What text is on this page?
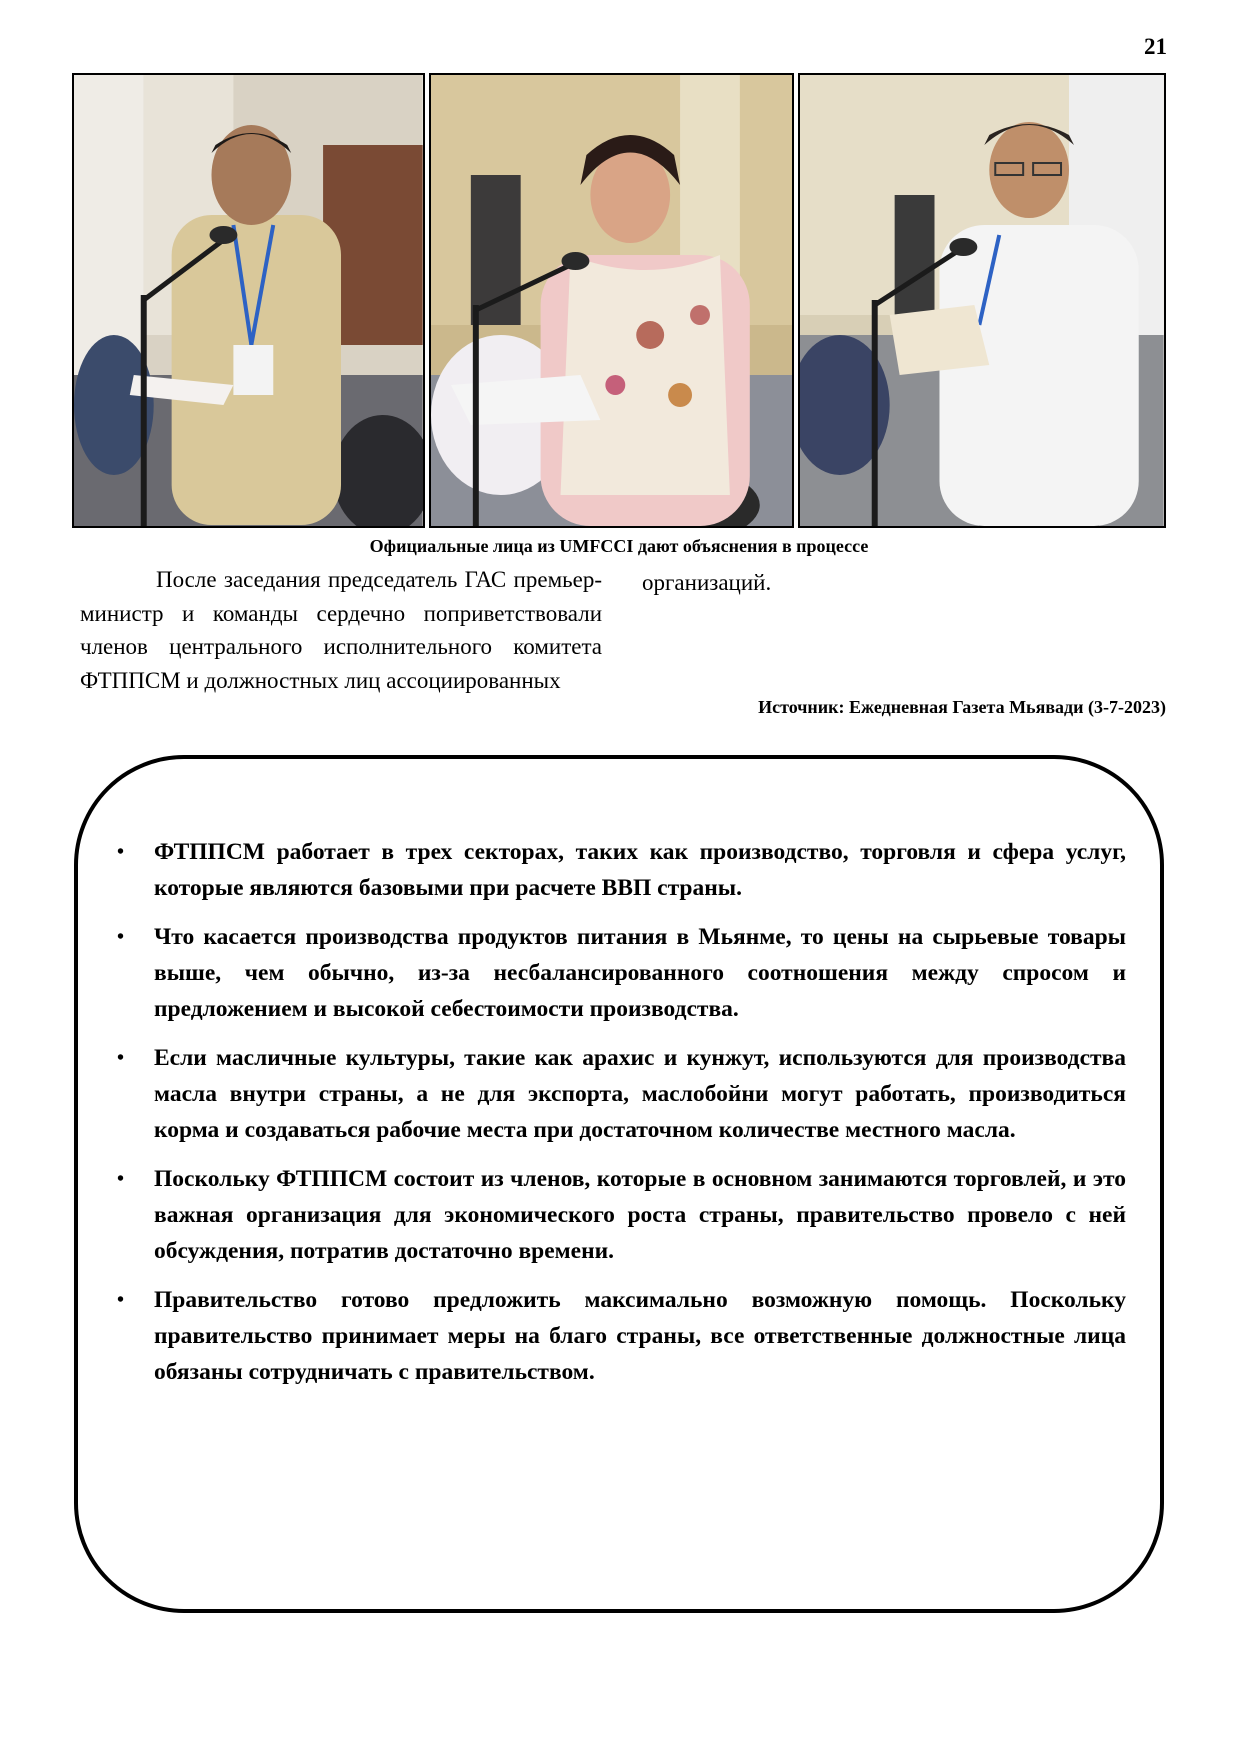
21
Официальные лица из UMFCCI дают объяснения в процессе
После заседания председатель ГАС премьер-министр и команды сердечно поприветствовали членов центрального исполнительного комитета ФТППСМ и должностных лиц ассоциированных
организаций.
Источник: Ежедневная Газета Мьявади (3-7-2023)
• ФТППСМ работает в трех секторах, таких как производство, торговля и сфера услуг, которые являются базовыми при расчете ВВП страны.
• Что касается производства продуктов питания в Мьянме, то цены на сырьевые товары выше, чем обычно, из-за несбалансированного соотношения между спросом и предложением и высокой себестоимости производства.
• Если масличные культуры, такие как арахис и кунжут, используются для производства масла внутри страны, а не для экспорта, маслобойни могут работать, производиться корма и создаваться рабочие места при достаточном количестве местного масла.
• Поскольку ФТППСМ состоит из членов, которые в основном занимаются торговлей, и это важная организация для экономического роста страны, правительство провело с ней обсуждения, потратив достаточно времени.
• Правительство готово предложить максимально возможную помощь. Поскольку правительство принимает меры на благо страны, все ответственные должностные лица обязаны сотрудничать с правительством.
